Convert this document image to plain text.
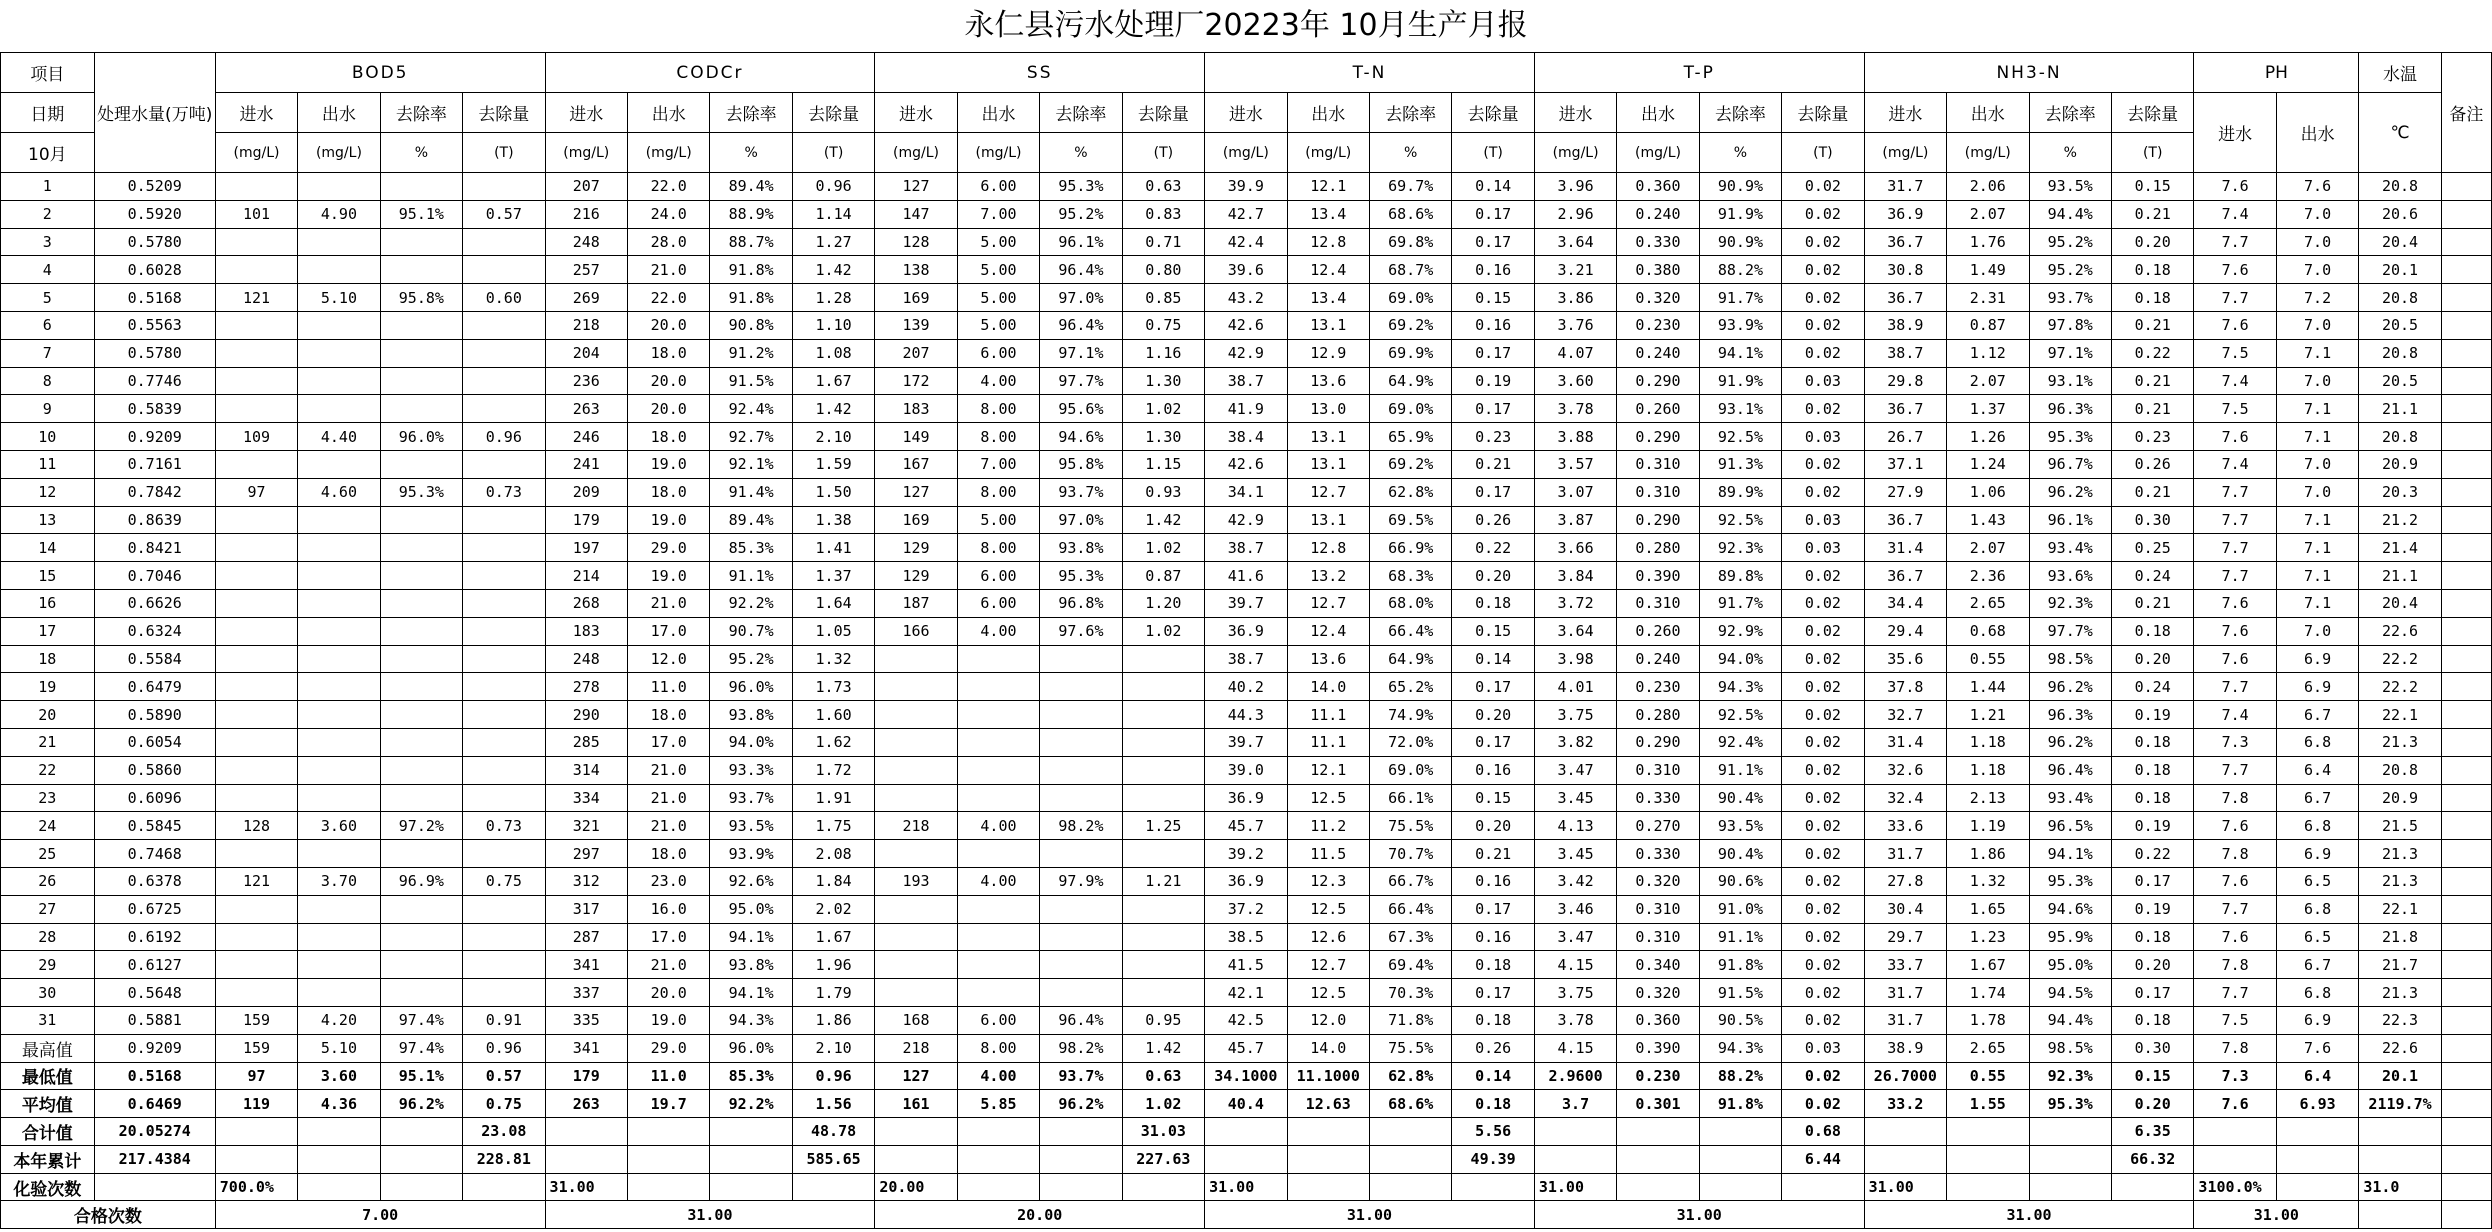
永仁县污水处理厂20223年 10月生产月报
项目	处理水量(万吨)	BOD5				CODCr				SS				T-N				T-P				NH3-N				PH		水温	备注
日期		进水	出水	去除率	去除量	进水	出水	去除率	去除量	进水	出水	去除率	去除量	进水	出水	去除率	去除量	进水	出水	去除率	去除量	进水	出水	去除率	去除量	进水	出水	℃	
10月		(mg/L)	(mg/L)	%	(T)	(mg/L)	(mg/L)	%	(T)	(mg/L)	(mg/L)	%	(T)	(mg/L)	(mg/L)	%	(T)	(mg/L)	(mg/L)	%	(T)	(mg/L)	(mg/L)	%	(T)				
1	0.5209					207	22.0	89.4%	0.96	127	6.00	95.3%	0.63	39.9	12.1	69.7%	0.14	3.96	0.360	90.9%	0.02	31.7	2.06	93.5%	0.15	7.6	7.6	20.8	
2	0.5920	101	4.90	95.1%	0.57	216	24.0	88.9%	1.14	147	7.00	95.2%	0.83	42.7	13.4	68.6%	0.17	2.96	0.240	91.9%	0.02	36.9	2.07	94.4%	0.21	7.4	7.0	20.6	
3	0.5780					248	28.0	88.7%	1.27	128	5.00	96.1%	0.71	42.4	12.8	69.8%	0.17	3.64	0.330	90.9%	0.02	36.7	1.76	95.2%	0.20	7.7	7.0	20.4	
4	0.6028					257	21.0	91.8%	1.42	138	5.00	96.4%	0.80	39.6	12.4	68.7%	0.16	3.21	0.380	88.2%	0.02	30.8	1.49	95.2%	0.18	7.6	7.0	20.1	
5	0.5168	121	5.10	95.8%	0.60	269	22.0	91.8%	1.28	169	5.00	97.0%	0.85	43.2	13.4	69.0%	0.15	3.86	0.320	91.7%	0.02	36.7	2.31	93.7%	0.18	7.7	7.2	20.8	
6	0.5563					218	20.0	90.8%	1.10	139	5.00	96.4%	0.75	42.6	13.1	69.2%	0.16	3.76	0.230	93.9%	0.02	38.9	0.87	97.8%	0.21	7.6	7.0	20.5	
7	0.5780					204	18.0	91.2%	1.08	207	6.00	97.1%	1.16	42.9	12.9	69.9%	0.17	4.07	0.240	94.1%	0.02	38.7	1.12	97.1%	0.22	7.5	7.1	20.8	
8	0.7746					236	20.0	91.5%	1.67	172	4.00	97.7%	1.30	38.7	13.6	64.9%	0.19	3.60	0.290	91.9%	0.03	29.8	2.07	93.1%	0.21	7.4	7.0	20.5	
9	0.5839					263	20.0	92.4%	1.42	183	8.00	95.6%	1.02	41.9	13.0	69.0%	0.17	3.78	0.260	93.1%	0.02	36.7	1.37	96.3%	0.21	7.5	7.1	21.1	
10	0.9209	109	4.40	96.0%	0.96	246	18.0	92.7%	2.10	149	8.00	94.6%	1.30	38.4	13.1	65.9%	0.23	3.88	0.290	92.5%	0.03	26.7	1.26	95.3%	0.23	7.6	7.1	20.8	
11	0.7161					241	19.0	92.1%	1.59	167	7.00	95.8%	1.15	42.6	13.1	69.2%	0.21	3.57	0.310	91.3%	0.02	37.1	1.24	96.7%	0.26	7.4	7.0	20.9	
12	0.7842	97	4.60	95.3%	0.73	209	18.0	91.4%	1.50	127	8.00	93.7%	0.93	34.1	12.7	62.8%	0.17	3.07	0.310	89.9%	0.02	27.9	1.06	96.2%	0.21	7.7	7.0	20.3	
13	0.8639					179	19.0	89.4%	1.38	169	5.00	97.0%	1.42	42.9	13.1	69.5%	0.26	3.87	0.290	92.5%	0.03	36.7	1.43	96.1%	0.30	7.7	7.1	21.2	
14	0.8421					197	29.0	85.3%	1.41	129	8.00	93.8%	1.02	38.7	12.8	66.9%	0.22	3.66	0.280	92.3%	0.03	31.4	2.07	93.4%	0.25	7.7	7.1	21.4	
15	0.7046					214	19.0	91.1%	1.37	129	6.00	95.3%	0.87	41.6	13.2	68.3%	0.20	3.84	0.390	89.8%	0.02	36.7	2.36	93.6%	0.24	7.7	7.1	21.1	
16	0.6626					268	21.0	92.2%	1.64	187	6.00	96.8%	1.20	39.7	12.7	68.0%	0.18	3.72	0.310	91.7%	0.02	34.4	2.65	92.3%	0.21	7.6	7.1	20.4	
17	0.6324					183	17.0	90.7%	1.05	166	4.00	97.6%	1.02	36.9	12.4	66.4%	0.15	3.64	0.260	92.9%	0.02	29.4	0.68	97.7%	0.18	7.6	7.0	22.6	
18	0.5584					248	12.0	95.2%	1.32					38.7	13.6	64.9%	0.14	3.98	0.240	94.0%	0.02	35.6	0.55	98.5%	0.20	7.6	6.9	22.2	
19	0.6479					278	11.0	96.0%	1.73					40.2	14.0	65.2%	0.17	4.01	0.230	94.3%	0.02	37.8	1.44	96.2%	0.24	7.7	6.9	22.2	
20	0.5890					290	18.0	93.8%	1.60					44.3	11.1	74.9%	0.20	3.75	0.280	92.5%	0.02	32.7	1.21	96.3%	0.19	7.4	6.7	22.1	
21	0.6054					285	17.0	94.0%	1.62					39.7	11.1	72.0%	0.17	3.82	0.290	92.4%	0.02	31.4	1.18	96.2%	0.18	7.3	6.8	21.3	
22	0.5860					314	21.0	93.3%	1.72					39.0	12.1	69.0%	0.16	3.47	0.310	91.1%	0.02	32.6	1.18	96.4%	0.18	7.7	6.4	20.8	
23	0.6096					334	21.0	93.7%	1.91					36.9	12.5	66.1%	0.15	3.45	0.330	90.4%	0.02	32.4	2.13	93.4%	0.18	7.8	6.7	20.9	
24	0.5845	128	3.60	97.2%	0.73	321	21.0	93.5%	1.75	218	4.00	98.2%	1.25	45.7	11.2	75.5%	0.20	4.13	0.270	93.5%	0.02	33.6	1.19	96.5%	0.19	7.6	6.8	21.5	
25	0.7468					297	18.0	93.9%	2.08					39.2	11.5	70.7%	0.21	3.45	0.330	90.4%	0.02	31.7	1.86	94.1%	0.22	7.8	6.9	21.3	
26	0.6378	121	3.70	96.9%	0.75	312	23.0	92.6%	1.84	193	4.00	97.9%	1.21	36.9	12.3	66.7%	0.16	3.42	0.320	90.6%	0.02	27.8	1.32	95.3%	0.17	7.6	6.5	21.3	
27	0.6725					317	16.0	95.0%	2.02					37.2	12.5	66.4%	0.17	3.46	0.310	91.0%	0.02	30.4	1.65	94.6%	0.19	7.7	6.8	22.1	
28	0.6192					287	17.0	94.1%	1.67					38.5	12.6	67.3%	0.16	3.47	0.310	91.1%	0.02	29.7	1.23	95.9%	0.18	7.6	6.5	21.8	
29	0.6127					341	21.0	93.8%	1.96					41.5	12.7	69.4%	0.18	4.15	0.340	91.8%	0.02	33.7	1.67	95.0%	0.20	7.8	6.7	21.7	
30	0.5648					337	20.0	94.1%	1.79					42.1	12.5	70.3%	0.17	3.75	0.320	91.5%	0.02	31.7	1.74	94.5%	0.17	7.7	6.8	21.3	
31	0.5881	159	4.20	97.4%	0.91	335	19.0	94.3%	1.86	168	6.00	96.4%	0.95	42.5	12.0	71.8%	0.18	3.78	0.360	90.5%	0.02	31.7	1.78	94.4%	0.18	7.5	6.9	22.3	
最高值	0.9209	159	5.10	97.4%	0.96	341	29.0	96.0%	2.10	218	8.00	98.2%	1.42	45.7	14.0	75.5%	0.26	4.15	0.390	94.3%	0.03	38.9	2.65	98.5%	0.30	7.8	7.6	22.6	
最低值	0.5168	97	3.60	95.1%	0.57	179	11.0	85.3%	0.96	127	4.00	93.7%	0.63	34.1000	11.1000	62.8%	0.14	2.9600	0.230	88.2%	0.02	26.7000	0.55	92.3%	0.15	7.3	6.4	20.1	
平均值	0.6469	119	4.36	96.2%	0.75	263	19.7	92.2%	1.56	161	5.85	96.2%	1.02	40.4	12.63	68.6%	0.18	3.7	0.301	91.8%	0.02	33.2	1.55	95.3%	0.20	7.6	6.93	2119.7%	
合计值	20.05274				23.08				48.78				31.03				5.56				0.68				6.35				
本年累计	217.4384				228.81				585.65				227.63				49.39				6.44				66.32				
化验次数		700.0%				31.00				20.00				31.00				31.00				31.00				3100.0%		31.0	
合格次数		7.00				31.00				20.00				31.00				31.00				31.00				31.00			
